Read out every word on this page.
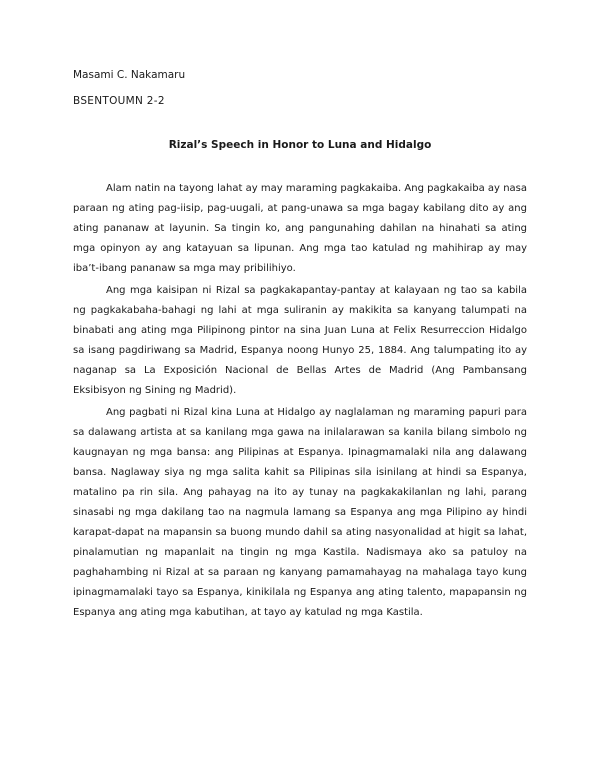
Masami C. Nakamaru
BSENTOUMN 2-2
Rizal’s Speech in Honor to Luna and Hidalgo

Alam natin na tayong lahat ay may maraming pagkakaiba. Ang pagkakaiba ay nasa paraan ng ating pag-iisip, pag-uugali, at pang-unawa sa mga bagay kabilang dito ay ang ating pananaw at layunin. Sa tingin ko, ang pangunahing dahilan na hinahati sa ating mga opinyon ay ang katayuan sa lipunan. Ang mga tao katulad ng mahihirap ay may iba’t-ibang pananaw sa mga may pribilihiyo.

Ang mga kaisipan ni Rizal sa pagkakapantay-pantay at kalayaan ng tao sa kabila ng pagkakabaha-bahagi ng lahi at mga suliranin ay makikita sa kanyang talumpati na binabati ang ating mga Pilipinong pintor na sina Juan Luna at Felix Resurreccion Hidalgo sa isang pagdiriwang sa Madrid, Espanya noong Hunyo 25, 1884. Ang talumpating ito ay naganap sa La Exposición Nacional de Bellas Artes de Madrid (Ang Pambansang Eksibisyon ng Sining ng Madrid).

Ang pagbati ni Rizal kina Luna at Hidalgo ay naglalaman ng maraming papuri para sa dalawang artista at sa kanilang mga gawa na inilalarawan sa kanila bilang simbolo ng kaugnayan ng mga bansa: ang Pilipinas at Espanya. Ipinagmamalaki nila ang dalawang bansa. Naglaway siya ng mga salita kahit sa Pilipinas sila isinilang at hindi sa Espanya, matalino pa rin sila. Ang pahayag na ito ay tunay na pagkakakilanlan ng lahi, parang sinasabi ng mga dakilang tao na nagmula lamang sa Espanya ang mga Pilipino ay hindi karapat-dapat na mapansin sa buong mundo dahil sa ating nasyonalidad at higit sa lahat, pinalamutian ng mapanlait na tingin ng mga Kastila. Nadismaya ako sa patuloy na paghahambing ni Rizal at sa paraan ng kanyang pamamahayag na mahalaga tayo kung ipinagmamalaki tayo sa Espanya, kinikilala ng Espanya ang ating talento, mapapansin ng Espanya ang ating mga kabutihan, at tayo ay katulad ng mga Kastila.
